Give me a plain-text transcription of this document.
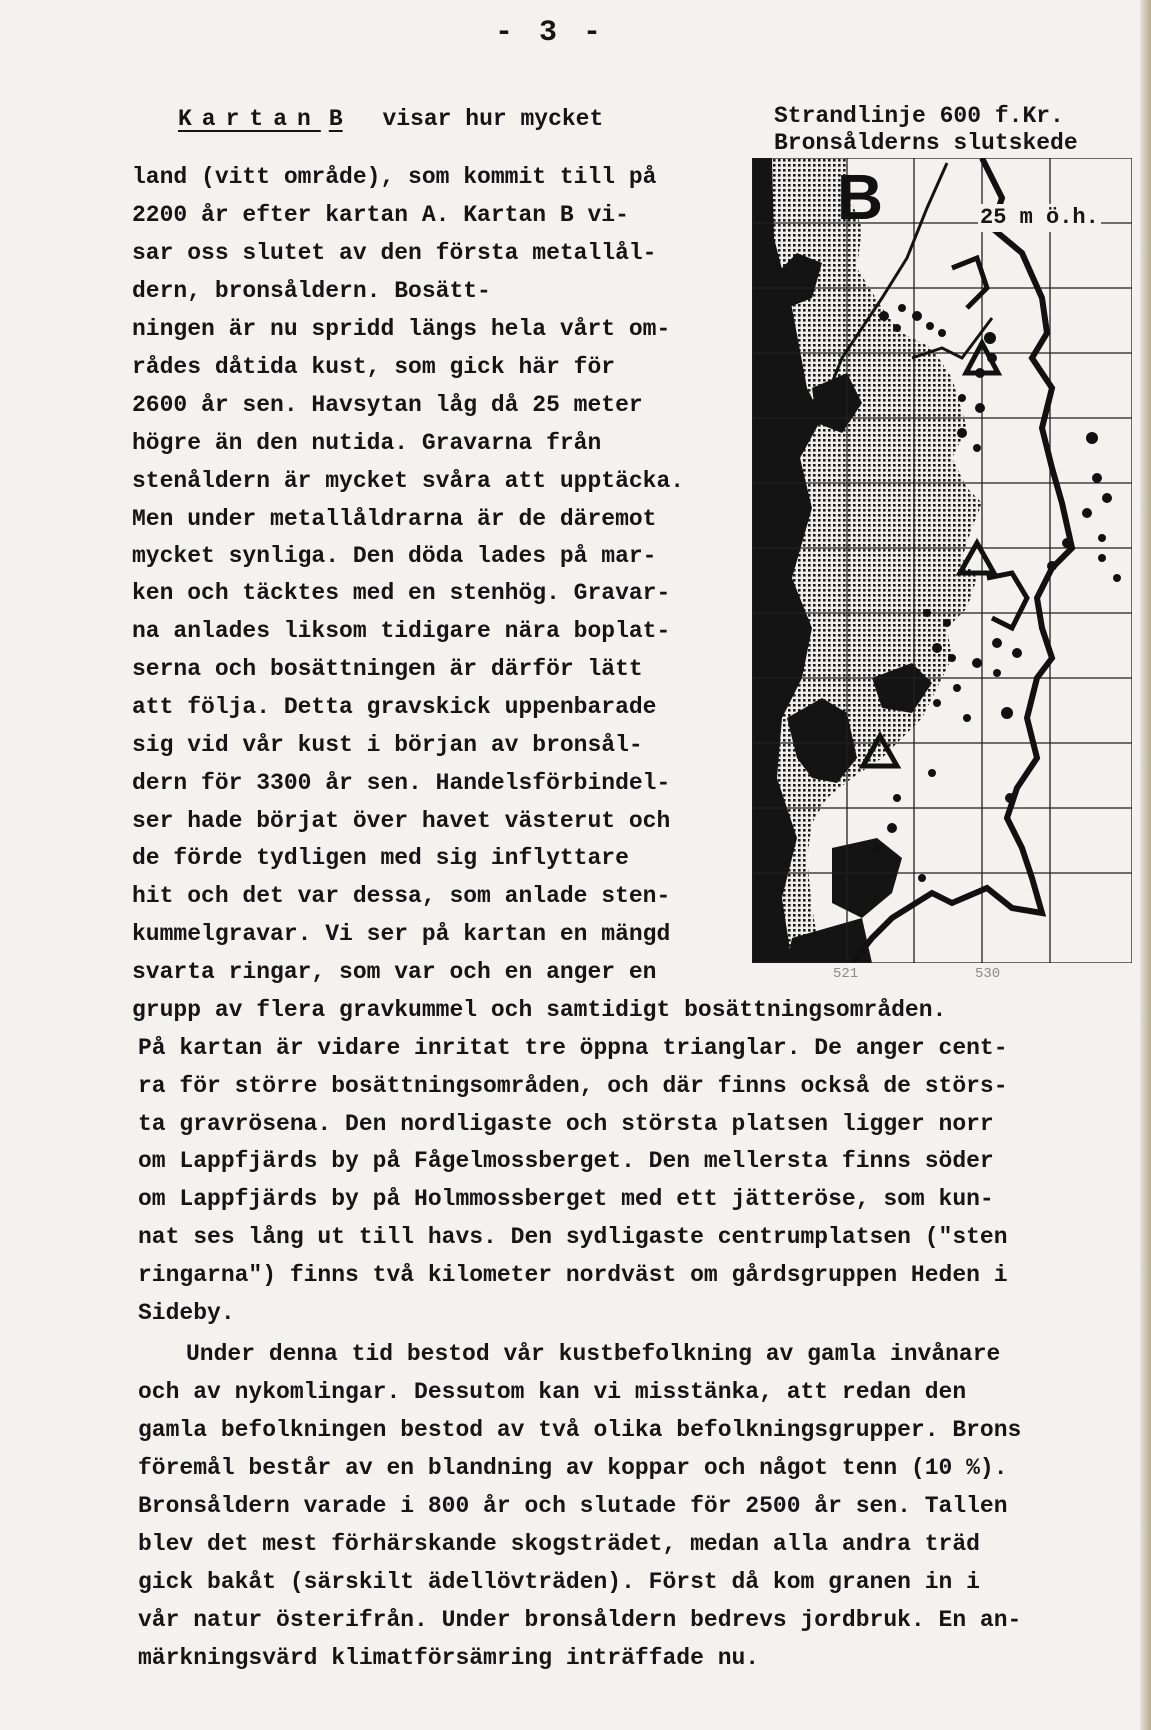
- 3 -
Kartan B visar hur mycket
land (vitt område), som kommit till på
2200 år efter kartan A. Kartan B vi-
sar oss slutet av den första metallål-
dern, bronsåldern. Bosätt-
ningen är nu spridd längs hela vårt om-
rådes dåtida kust, som gick här för
2600 år sen. Havsytan låg då 25 meter
högre än den nutida. Gravarna från
stenåldern är mycket svåra att upptäcka.
Men under metallåldrarna är de däremot
mycket synliga. Den döda lades på mar-
ken och täcktes med en stenhög. Gravar-
na anlades liksom tidigare nära boplat-
serna och bosättningen är därför lätt
att följa. Detta gravskick uppenbarade
sig vid vår kust i början av bronsål-
dern för 3300 år sen. Handelsförbindel-
ser hade börjat över havet västerut och
de förde tydligen med sig inflyttare
hit och det var dessa, som anlade sten-
kummelgravar. Vi ser på kartan en mängd
svarta ringar, som var och en anger en
grupp av flera gravkummel och samtidigt bosättningsområden.
På kartan är vidare inritat tre öppna trianglar. De anger cent-
ra för större bosättningsområden, och där finns också de störs-
ta gravrösena. Den nordligaste och största platsen ligger norr
om Lappfjärds by på Fågelmossberget. Den mellersta finns söder
om Lappfjärds by på Holmmossberget med ett jätteröse, som kun-
nat ses lång ut till havs. Den sydligaste centrumplatsen ("sten
ringarna") finns två kilometer nordväst om gårdsgruppen Heden i
Sideby.
Under denna tid bestod vår kustbefolkning av gamla invånare
och av nykomlingar. Dessutom kan vi misstänka, att redan den
gamla befolkningen bestod av två olika befolkningsgrupper. Brons
föremål består av en blandning av koppar och något tenn (10 %).
Bronsåldern varade i 800 år och slutade för 2500 år sen. Tallen
blev det mest förhärskande skogsträdet, medan alla andra träd
gick bakåt (särskilt ädellövträden). Först då kom granen in i
vår natur österifrån. Under bronsåldern bedrevs jordbruk. En an-
märkningsvärd klimatförsämring inträffade nu.
Strandlinje 600 f.Kr.
Bronsålderns slutskede
B	25 m ö.h.
521	530
